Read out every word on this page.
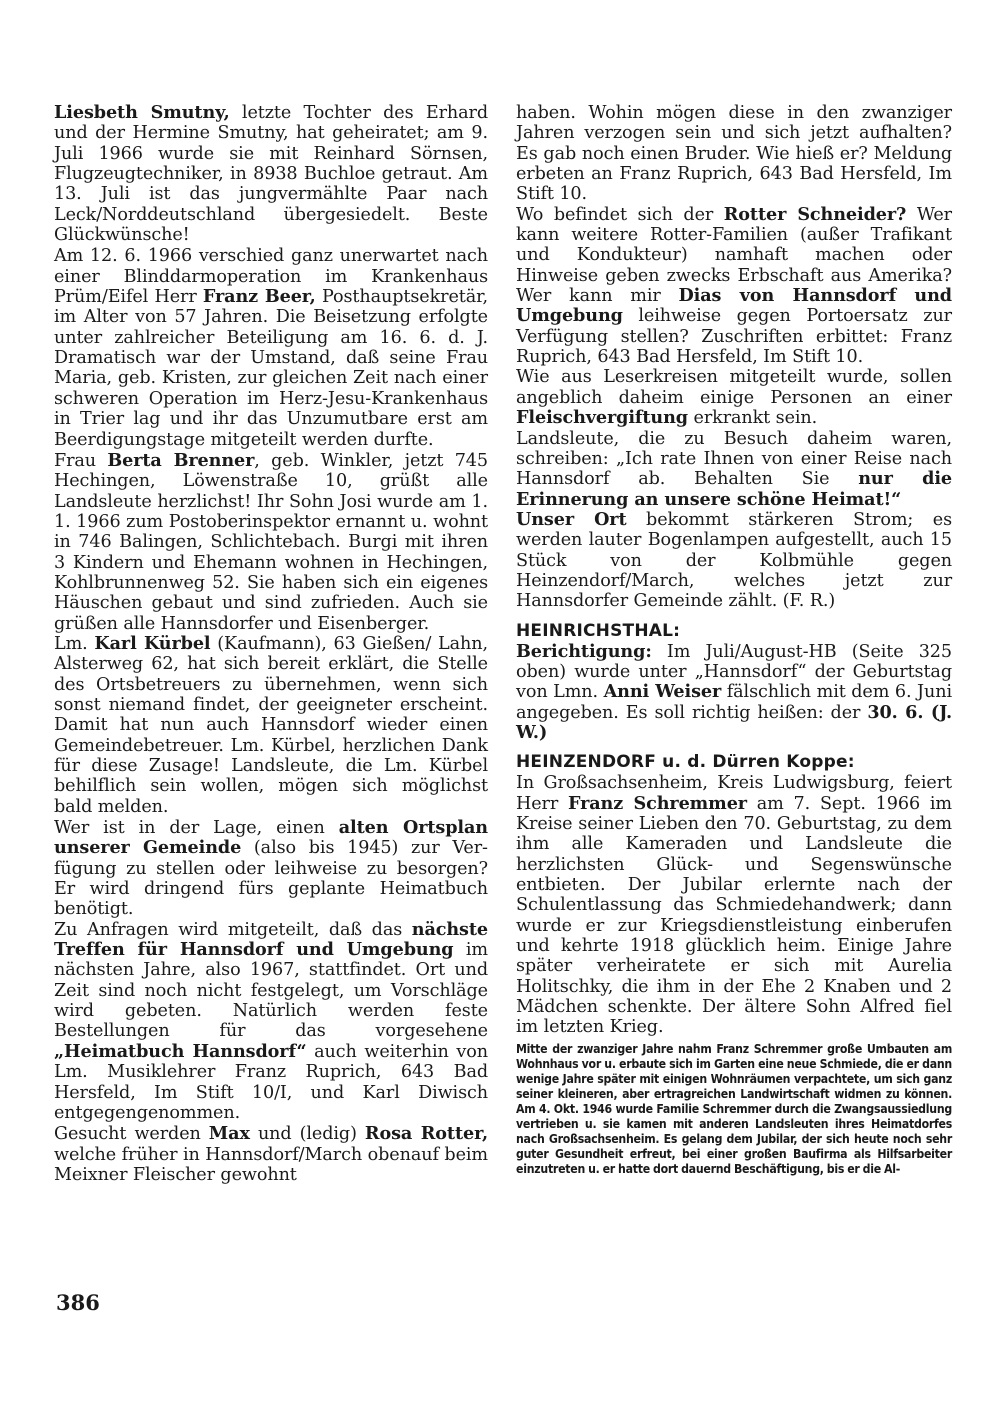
Liesbeth Smutny, letzte Tochter des Erhard und der Hermine Smutny, hat geheiratet; am 9. Juli 1966 wurde sie mit Reinhard Sörnsen, Flugzeugtechniker, in 8938 Buchloe getraut. Am 13. Juli ist das jungvermählte Paar nach Leck/Norddeutschland übergesiedelt. Beste Glückwünsche!

Am 12. 6. 1966 verschied ganz unerwartet nach einer Blinddarmoperation im Krankenhaus Prüm/Eifel Herr Franz Beer, Posthauptsekretär, im Alter von 57 Jahren. Die Beisetzung erfolgte unter zahlreicher Beteiligung am 16. 6. d. J. Dramatisch war der Umstand, daß seine Frau Maria, geb. Kristen, zur gleichen Zeit nach einer schweren Operation im Herz-Jesu-Krankenhaus in Trier lag und ihr das Unzumutbare erst am Beerdigungstage mitgeteilt werden durfte.

Frau Berta Brenner, geb. Winkler, jetzt 745 Hechingen, Löwenstraße 10, grüßt alle Landsleute herzlichst! Ihr Sohn Josi wurde am 1. 1. 1966 zum Postoberinspektor ernannt u. wohnt in 746 Balingen, Schlichtebach. Burgi mit ihren 3 Kindern und Ehemann wohnen in Hechingen, Kohlbrunnenweg 52. Sie haben sich ein eigenes Häuschen gebaut und sind zufrieden. Auch sie grüßen alle Hannsdorfer und Eisenberger.

Lm. Karl Kürbel (Kaufmann), 63 Gießen/ Lahn, Alsterweg 62, hat sich bereit erklärt, die Stelle des Ortsbetreuers zu übernehmen, wenn sich sonst niemand findet, der geeigneter erscheint. Damit hat nun auch Hannsdorf wieder einen Gemeindebetreuer. Lm. Kürbel, herzlichen Dank für diese Zusage! Landsleute, die Lm. Kürbel behilflich sein wollen, mögen sich möglichst bald melden.

Wer ist in der Lage, einen alten Ortsplan unserer Gemeinde (also bis 1945) zur Verfügung zu stellen oder leihweise zu besorgen? Er wird dringend fürs geplante Heimatbuch benötigt.

Zu Anfragen wird mitgeteilt, daß das nächste Treffen für Hannsdorf und Umgebung im nächsten Jahre, also 1967, stattfindet. Ort und Zeit sind noch nicht festgelegt, um Vorschläge wird gebeten. Natürlich werden feste Bestellungen für das vorgesehene „Heimatbuch Hannsdorf“ auch weiterhin von Lm. Musiklehrer Franz Ruprich, 643 Bad Hersfeld, Im Stift 10/I, und Karl Diwisch entgegengenommen.

Gesucht werden Max und (ledig) Rosa Rotter, welche früher in Hannsdorf/March obenauf beim Meixner Fleischer gewohnt

haben. Wohin mögen diese in den zwanziger Jahren verzogen sein und sich jetzt aufhalten? Es gab noch einen Bruder. Wie hieß er? Meldung erbeten an Franz Ruprich, 643 Bad Hersfeld, Im Stift 10.

Wo befindet sich der Rotter Schneider? Wer kann weitere Rotter-Familien (außer Trafikant und Kondukteur) namhaft machen oder Hinweise geben zwecks Erbschaft aus Amerika? Wer kann mir Dias von Hannsdorf und Umgebung leihweise gegen Portoersatz zur Verfügung stellen? Zuschriften erbittet: Franz Ruprich, 643 Bad Hersfeld, Im Stift 10.

Wie aus Leserkreisen mitgeteilt wurde, sollen angeblich daheim einige Personen an einer Fleischvergiftung erkrankt sein.

Landsleute, die zu Besuch daheim waren, schreiben: „Ich rate Ihnen von einer Reise nach Hannsdorf ab. Behalten Sie nur die Erinnerung an unsere schöne Heimat!“

Unser Ort bekommt stärkeren Strom; es werden lauter Bogenlampen aufgestellt, auch 15 Stück von der Kolbmühle gegen Heinzendorf/March, welches jetzt zur Hannsdorfer Gemeinde zählt. (F. R.)

HEINRICHSTHAL:

Berichtigung: Im Juli/August-HB (Seite 325 oben) wurde unter „Hannsdorf“ der Geburtstag von Lmn. Anni Weiser fälschlich mit dem 6. Juni angegeben. Es soll richtig heißen: der 30. 6. (J. W.)

HEINZENDORF u. d. Dürren Koppe:

In Großsachsenheim, Kreis Ludwigsburg, feiert Herr Franz Schremmer am 7. Sept. 1966 im Kreise seiner Lieben den 70. Geburtstag, zu dem ihm alle Kameraden und Landsleute die herzlichsten Glück- und Segenswünsche entbieten. Der Jubilar erlernte nach der Schulentlassung das Schmiedehandwerk; dann wurde er zur Kriegsdienstleistung einberufen und kehrte 1918 glücklich heim. Einige Jahre später verheiratete er sich mit Aurelia Holitschky, die ihm in der Ehe 2 Knaben und 2 Mädchen schenkte. Der ältere Sohn Alfred fiel im letzten Krieg.

Mitte der zwanziger Jahre nahm Franz Schremmer große Umbauten am Wohnhaus vor u. erbaute sich im Garten eine neue Schmiede, die er dann wenige Jahre später mit einigen Wohnräumen verpachtete, um sich ganz seiner kleineren, aber ertragreichen Landwirtschaft widmen zu können. Am 4. Okt. 1946 wurde Familie Schremmer durch die Zwangsaussiedlung vertrieben u. sie kamen mit anderen Landsleuten ihres Heimatdorfes nach Großsachsenheim. Es gelang dem Jubilar, der sich heute noch sehr guter Gesundheit erfreut, bei einer großen Baufirma als Hilfsarbeiter einzutreten u. er hatte dort dauernd Beschäftigung, bis er die Al-

386
